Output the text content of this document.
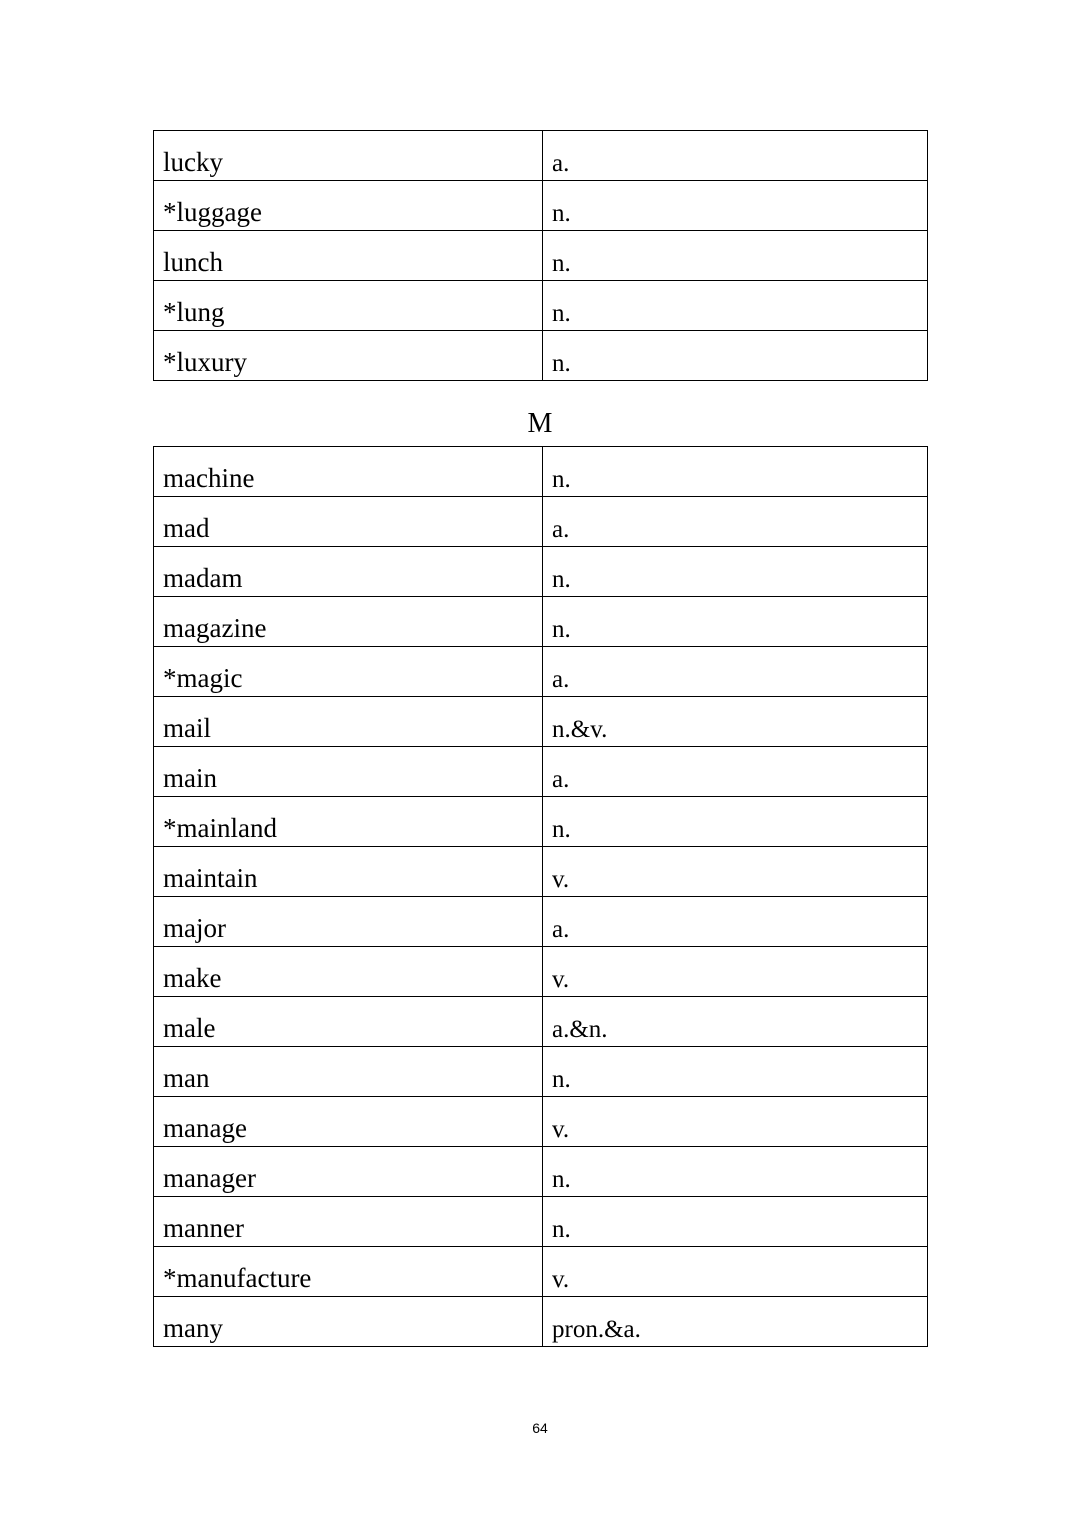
lucky	a.
*luggage	n.
lunch	n.
*lung	n.
*luxury	n.
M
machine	n.
mad	a.
madam	n.
magazine	n.
*magic	a.
mail	n.&v.
main	a.
*mainland	n.
maintain	v.
major	a.
make	v.
male	a.&n.
man	n.
manage	v.
manager	n.
manner	n.
*manufacture	v.
many	pron.&a.
64
